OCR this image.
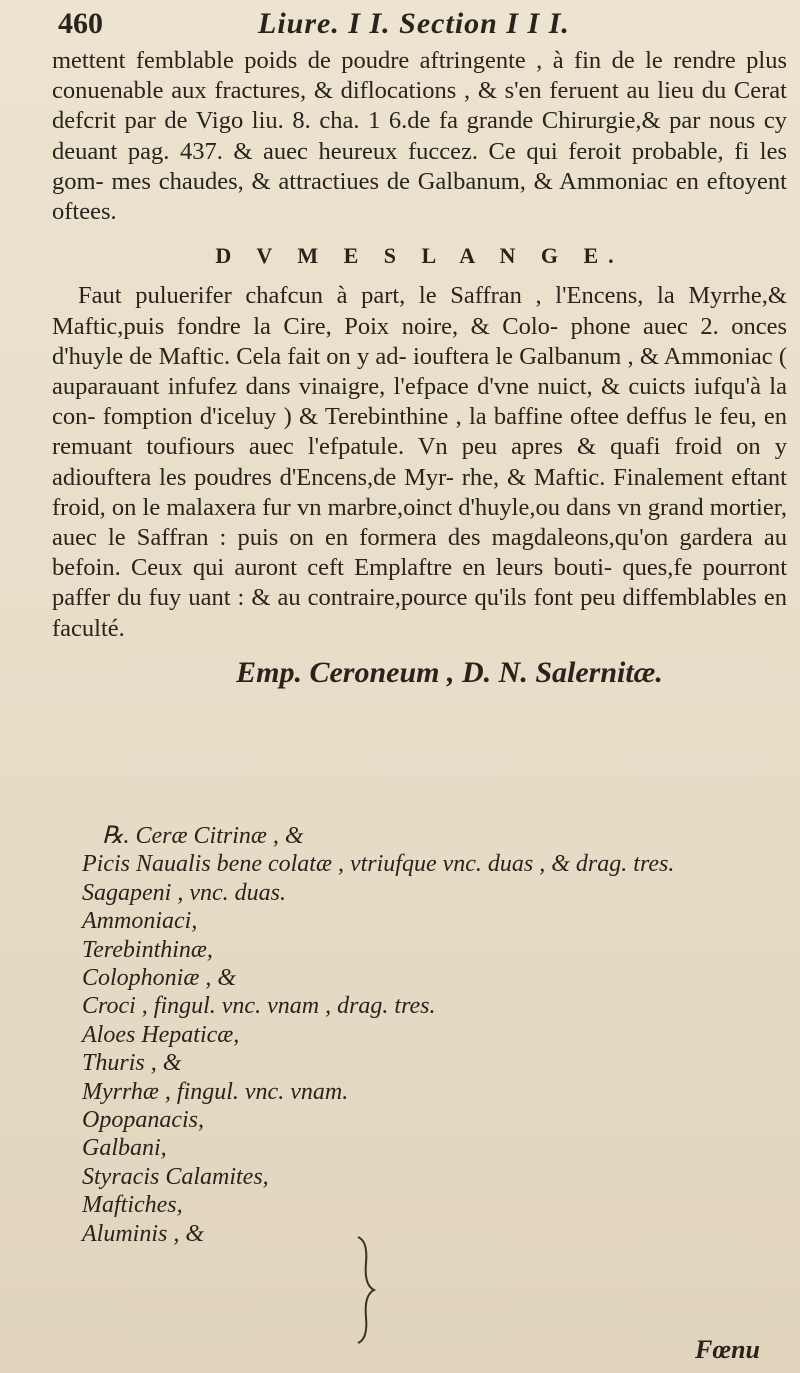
460	Liure. I I. Section I I I.

mettent femblable poids de poudre aftringente , à fin de le rendre plus conuenable aux fractures, & diflocations , & s'en feruent au lieu du Cerat defcrit par de Vigo liu. 8. cha. 1 6.de fa grande Chirurgie,& par nous cy deuant pag. 437. & auec heureux fuccez. Ce qui feroit probable, fi les gom- mes chaudes, & attractiues de Galbanum, & Ammoniac en eftoyent oftees.

D V M E S L A N G E.

Faut puluerifer chafcun à part, le Saffran , l'Encens, la Myrrhe,& Maftic,puis fondre la Cire, Poix noire, & Colo- phone auec 2. onces d'huyle de Maftic. Cela fait on y ad- ioufterа le Galbanum , & Ammoniac ( auparauant infufez dans vinaigre, l'efpace d'vne nuict, & cuicts iufqu'à la con- fomption d'iceluy ) & Terebinthine , la baffine oftee deffus le feu, en remuant toufiours auec l'efpatule. Vn peu apres & quafi froid on y adiouftera les poudres d'Encens,de Myr- rhe, & Maftic. Finalement eftant froid, on le malaxera fur vn marbre,oinct d'huyle,ou dans vn grand mortier, auec le Saffran : puis on en formera des magdaleons,qu'on gardera au befoin. Ceux qui auront ceft Emplaftre en leurs bouti- ques,fe pourront paffer du fuy uant : & au contraire,pource qu'ils font peu diffemblables en faculté.

Emp. Ceroneum , D. N. Salernitæ.
℞. Ceræ Citrinæ , &
Picis Naualis bene colatæ , vtriufque vnc. duas , & drag. tres.
Sagapeni , vnc. duas.
Ammoniaci,
Terebinthinæ,
Colophoniæ , &
Croci , fingul. vnc. vnam , drag. tres.
Aloes Hepaticæ,
Thuris , &
Myrrhæ , fingul. vnc. vnam.
Opopanacis,
Galbani,
Styracis Calamites,
Maftiches,
Aluminis , &
Fœnu
